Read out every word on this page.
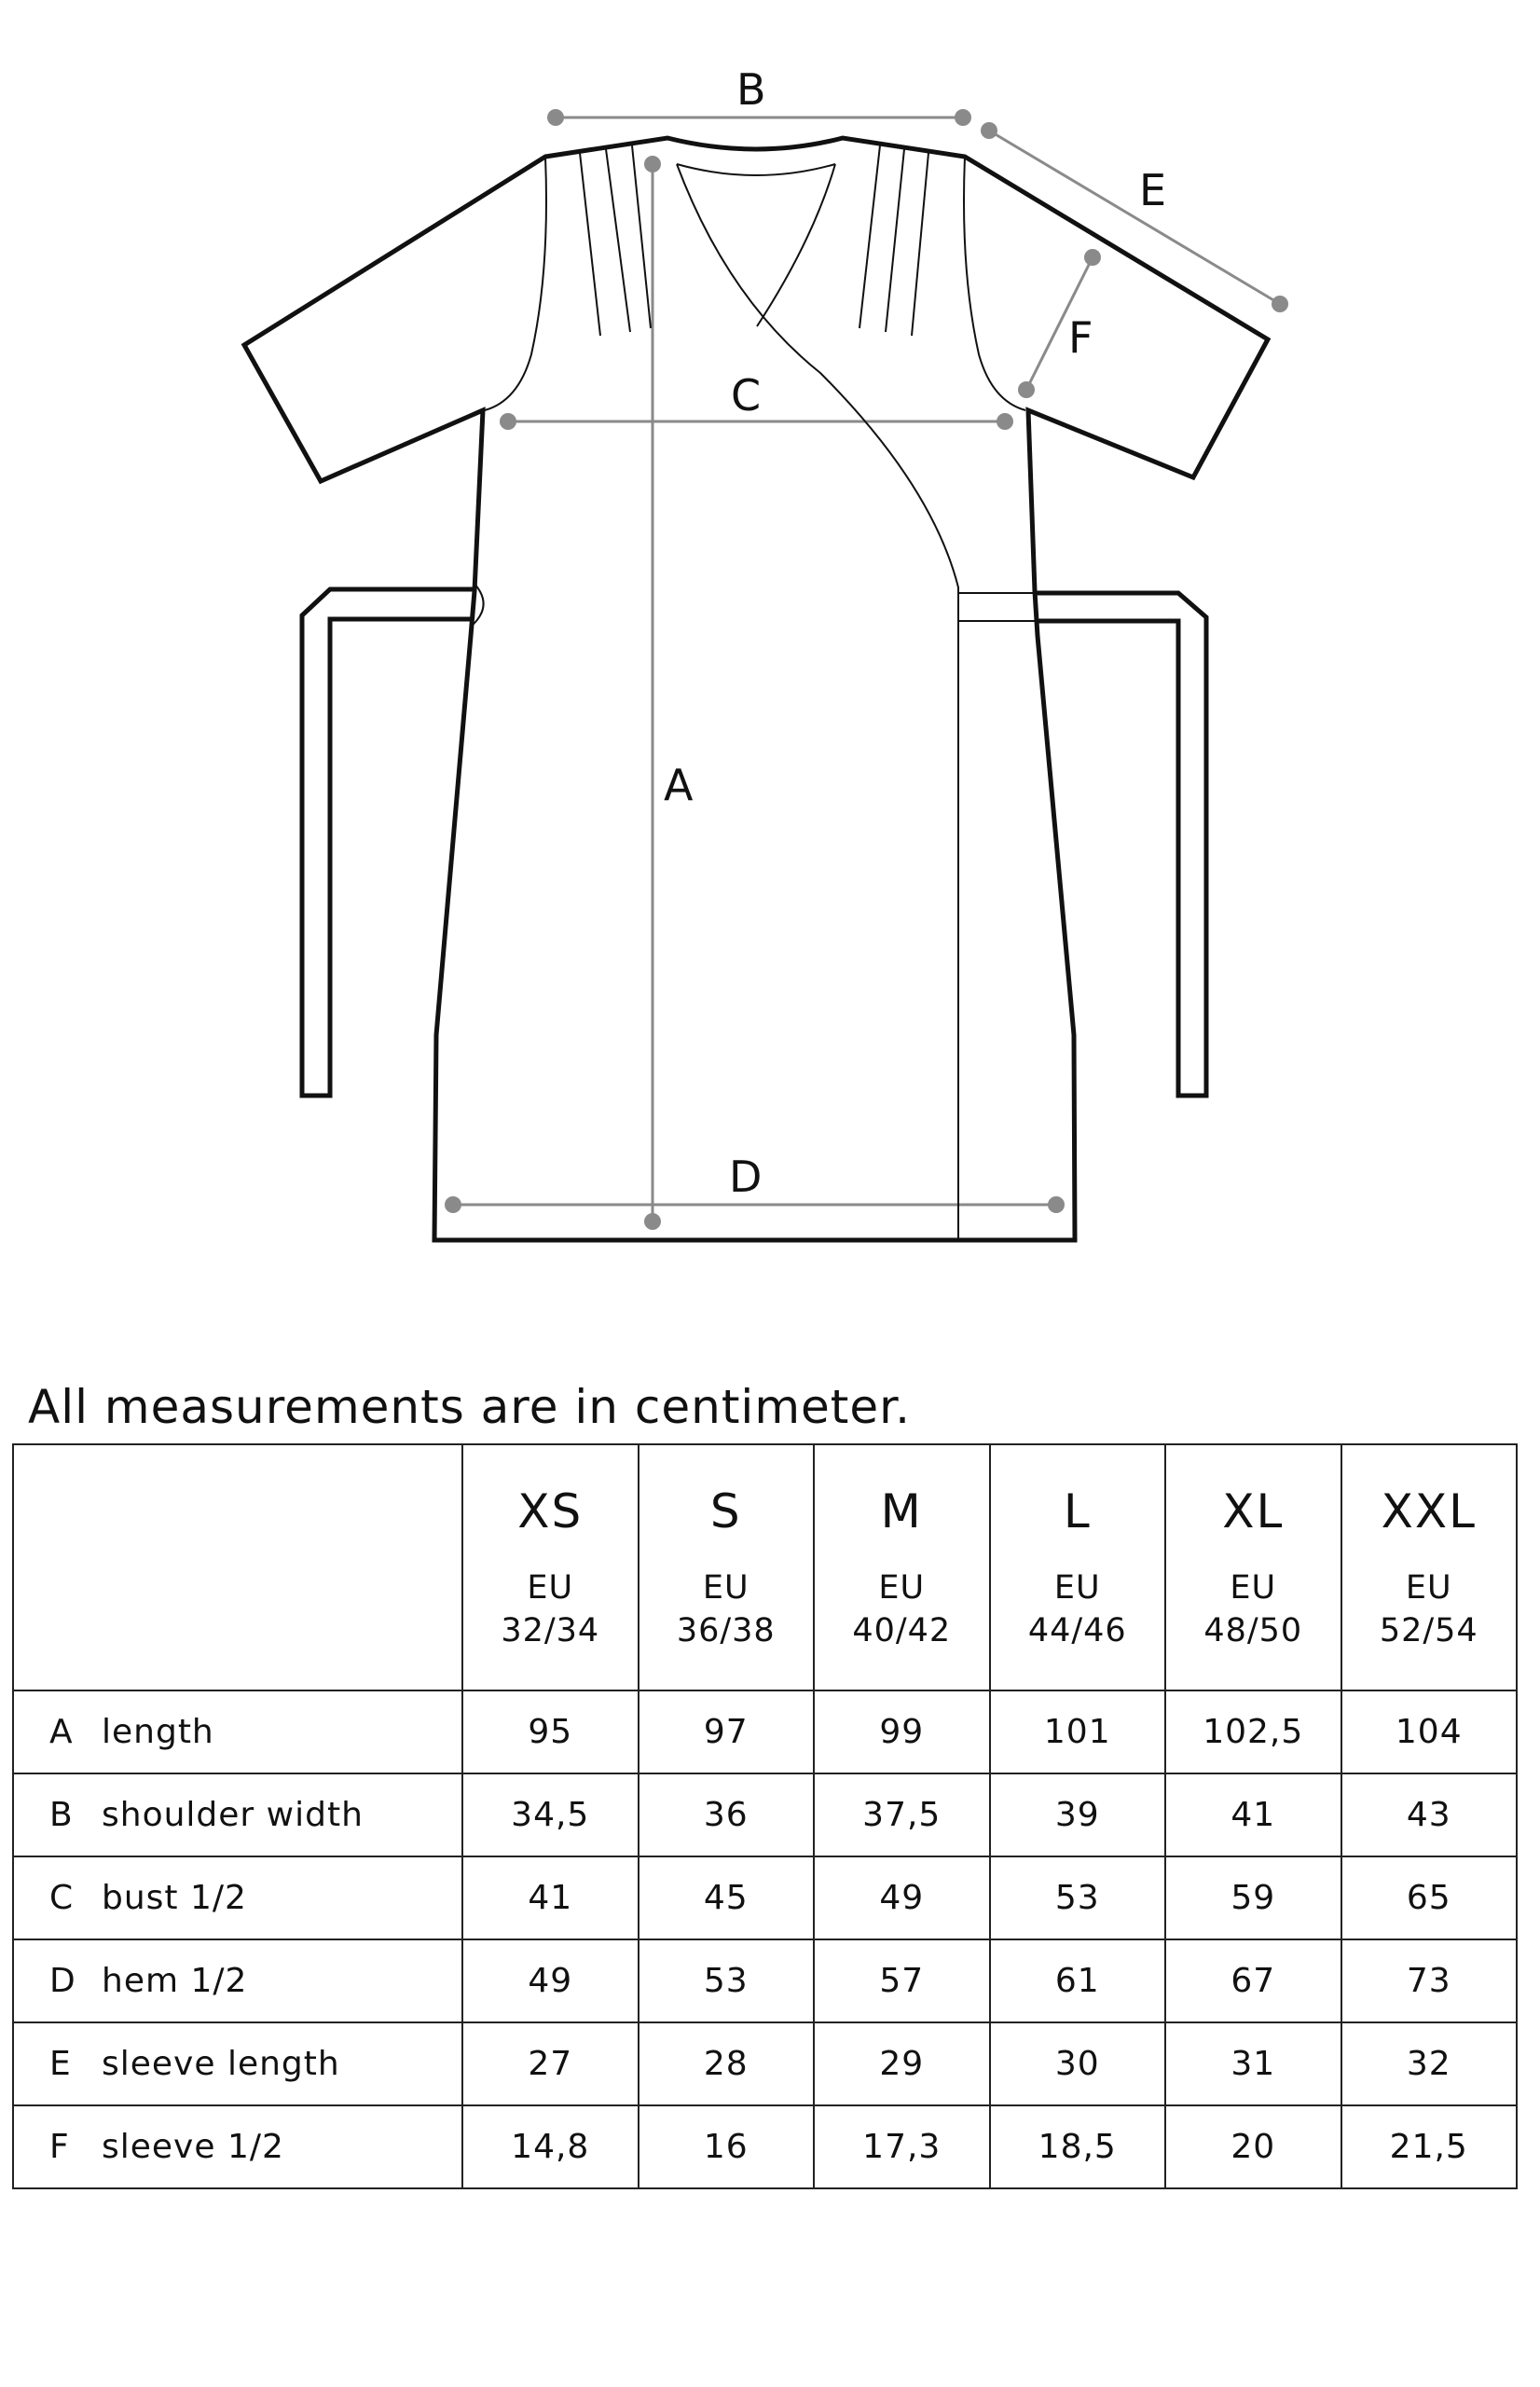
B
E
F
C
A
D
All measurements are in centimeter.

	XS
EU
32/34	S
EU
36/38	M
EU
40/42	L
EU
44/46	XL
EU
48/50	XXL
EU
52/54

A length	95	97	99	101	102,5	104
B shoulder width	34,5	36	37,5	39	41	43
C bust 1/2	41	45	49	53	59	65
D hem 1/2	49	53	57	61	67	73
E sleeve length	27	28	29	30	31	32
F sleeve 1/2	14,8	16	17,3	18,5	20	21,5
